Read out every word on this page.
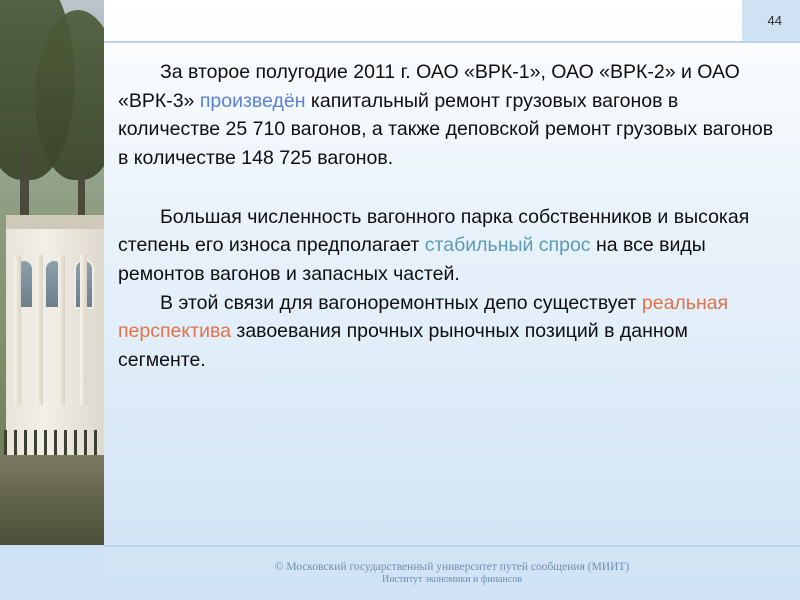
44

За второе полугодие 2011 г. ОАО «ВРК-1», ОАО «ВРК-2» и ОАО «ВРК-3» произведён капитальный ремонт грузовых вагонов в количестве 25 710 вагонов, а также деповской ремонт грузовых вагонов в количестве 148 725 вагонов.

Большая численность вагонного парка собственников и высокая степень его износа предполагает стабильный спрос на все виды ремонтов вагонов и запасных частей.

В этой связи для вагоноремонтных депо существует реальная перспектива завоевания прочных рыночных позиций в данном сегменте.

© Московский государственный университет путей сообщения (МИИТ)
Институт экономики и финансов
